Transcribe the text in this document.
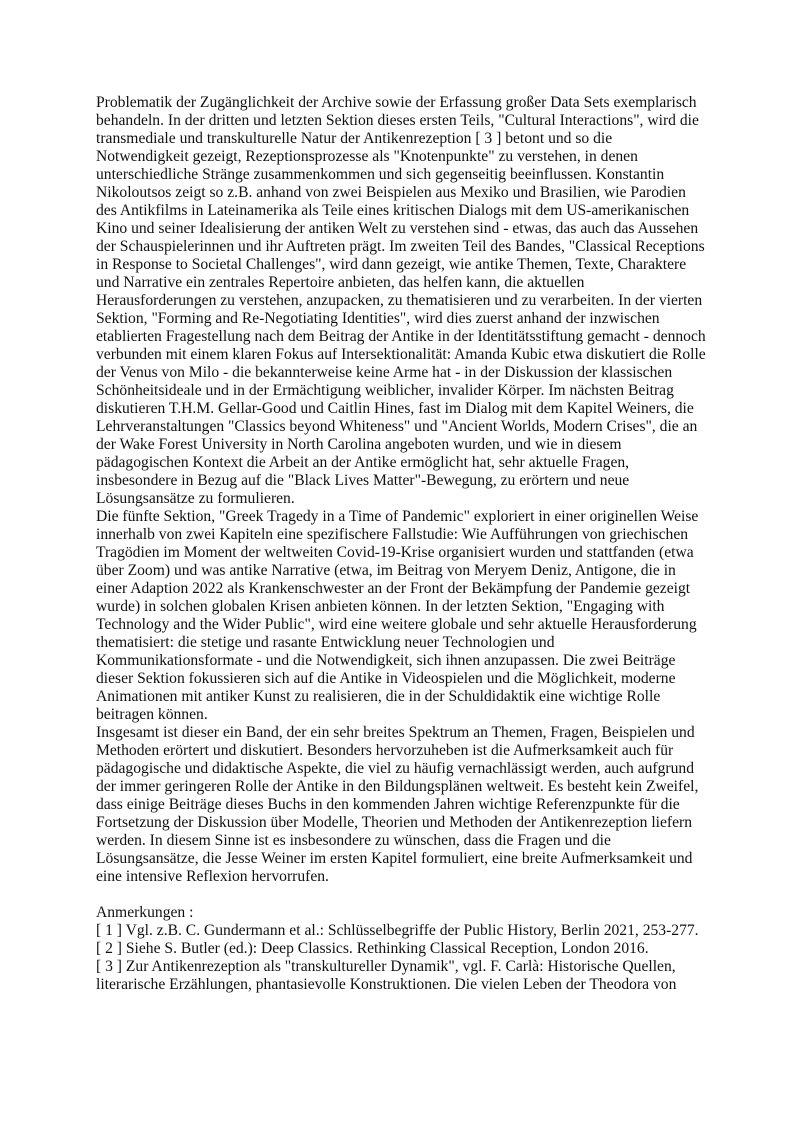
Problematik der Zugänglichkeit der Archive sowie der Erfassung großer Data Sets exemplarisch behandeln. In der dritten und letzten Sektion dieses ersten Teils, "Cultural Interactions", wird die transmediale und transkulturelle Natur der Antikenrezeption [ 3 ] betont und so die Notwendigkeit gezeigt, Rezeptionsprozesse als "Knotenpunkte" zu verstehen, in denen unterschiedliche Stränge zusammenkommen und sich gegenseitig beeinflussen. Konstantin Nikoloutsos zeigt so z.B. anhand von zwei Beispielen aus Mexiko und Brasilien, wie Parodien des Antikfilms in Lateinamerika als Teile eines kritischen Dialogs mit dem US-amerikanischen Kino und seiner Idealisierung der antiken Welt zu verstehen sind - etwas, das auch das Aussehen der Schauspielerinnen und ihr Auftreten prägt. Im zweiten Teil des Bandes, "Classical Receptions in Response to Societal Challenges", wird dann gezeigt, wie antike Themen, Texte, Charaktere und Narrative ein zentrales Repertoire anbieten, das helfen kann, die aktuellen Herausforderungen zu verstehen, anzupacken, zu thematisieren und zu verarbeiten. In der vierten Sektion, "Forming and Re-Negotiating Identities", wird dies zuerst anhand der inzwischen etablierten Fragestellung nach dem Beitrag der Antike in der Identitätsstiftung gemacht - dennoch verbunden mit einem klaren Fokus auf Intersektionalität: Amanda Kubic etwa diskutiert die Rolle der Venus von Milo - die bekannterweise keine Arme hat - in der Diskussion der klassischen Schönheitsideale und in der Ermächtigung weiblicher, invalider Körper. Im nächsten Beitrag diskutieren T.H.M. Gellar-Good und Caitlin Hines, fast im Dialog mit dem Kapitel Weiners, die Lehrveranstaltungen "Classics beyond Whiteness" und "Ancient Worlds, Modern Crises", die an der Wake Forest University in North Carolina angeboten wurden, und wie in diesem pädagogischen Kontext die Arbeit an der Antike ermöglicht hat, sehr aktuelle Fragen, insbesondere in Bezug auf die "Black Lives Matter"-Bewegung, zu erörtern und neue Lösungsansätze zu formulieren.

Die fünfte Sektion, "Greek Tragedy in a Time of Pandemic" exploriert in einer originellen Weise innerhalb von zwei Kapiteln eine spezifischere Fallstudie: Wie Aufführungen von griechischen Tragödien im Moment der weltweiten Covid-19-Krise organisiert wurden und stattfanden (etwa über Zoom) und was antike Narrative (etwa, im Beitrag von Meryem Deniz, Antigone, die in einer Adaption 2022 als Krankenschwester an der Front der Bekämpfung der Pandemie gezeigt wurde) in solchen globalen Krisen anbieten können. In der letzten Sektion, "Engaging with Technology and the Wider Public", wird eine weitere globale und sehr aktuelle Herausforderung thematisiert: die stetige und rasante Entwicklung neuer Technologien und Kommunikationsformate - und die Notwendigkeit, sich ihnen anzupassen. Die zwei Beiträge dieser Sektion fokussieren sich auf die Antike in Videospielen und die Möglichkeit, moderne Animationen mit antiker Kunst zu realisieren, die in der Schuldidaktik eine wichtige Rolle beitragen können.

Insgesamt ist dieser ein Band, der ein sehr breites Spektrum an Themen, Fragen, Beispielen und Methoden erörtert und diskutiert. Besonders hervorzuheben ist die Aufmerksamkeit auch für pädagogische und didaktische Aspekte, die viel zu häufig vernachlässigt werden, auch aufgrund der immer geringeren Rolle der Antike in den Bildungsplänen weltweit. Es besteht kein Zweifel, dass einige Beiträge dieses Buchs in den kommenden Jahren wichtige Referenzpunkte für die Fortsetzung der Diskussion über Modelle, Theorien und Methoden der Antikenrezeption liefern werden. In diesem Sinne ist es insbesondere zu wünschen, dass die Fragen und die Lösungsansätze, die Jesse Weiner im ersten Kapitel formuliert, eine breite Aufmerksamkeit und eine intensive Reflexion hervorrufen.

Anmerkungen :

[ 1 ] Vgl. z.B. C. Gundermann et al.: Schlüsselbegriffe der Public History, Berlin 2021, 253-277.

[ 2 ] Siehe S. Butler (ed.): Deep Classics. Rethinking Classical Reception, London 2016.

[ 3 ] Zur Antikenrezeption als "transkultureller Dynamik", vgl. F. Carlà: Historische Quellen, literarische Erzählungen, phantasievolle Konstruktionen. Die vielen Leben der Theodora von
